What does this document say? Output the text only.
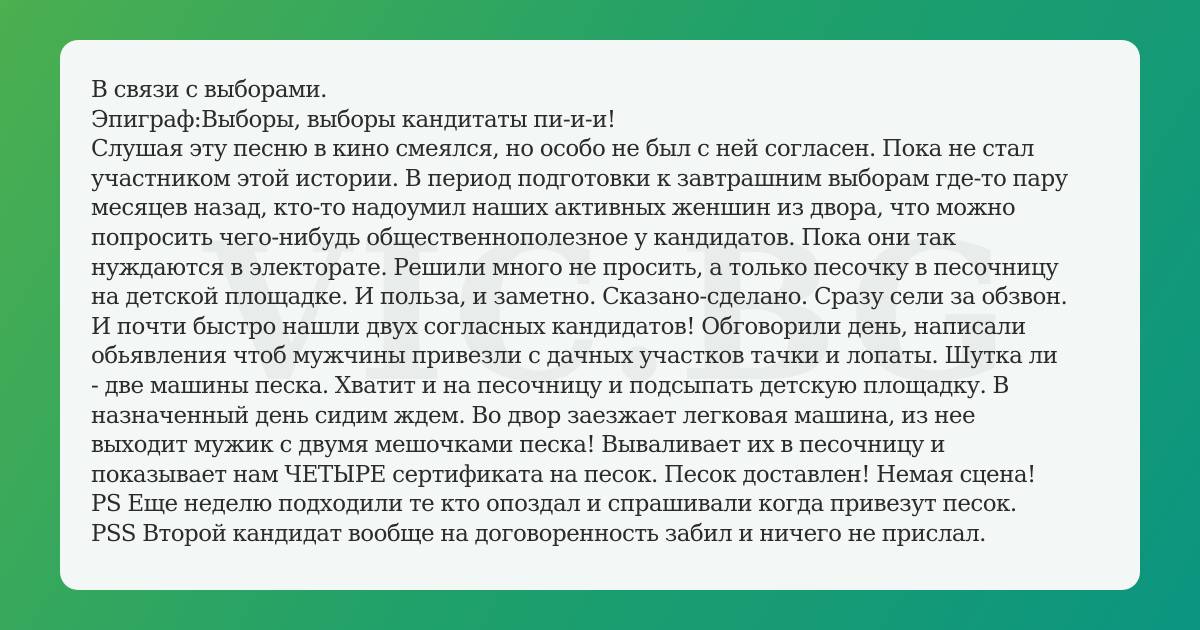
В связи с выборами.
Эпиграф:Выборы, выборы кандитаты пи-и-и!
Слушая эту песню в кино смеялся, но особо не был с ней согласен. Пока не стал
участником этой истории. В период подготовки к завтрашним выборам где-то пару
месяцев назад, кто-то надоумил наших активных женшин из двора, что можно
попросить чего-нибудь общественнополезное у кандидатов. Пока они так
нуждаются в электорате. Решили много не просить, а только песочку в песочницу
на детской площадке. И польза, и заметно. Сказано-сделано. Сразу сели за обзвон.
И почти быстро нашли двух согласных кандидатов! Обговорили день, написали
обьявления чтоб мужчины привезли с дачных участков тачки и лопаты. Шутка ли
- две машины песка. Хватит и на песочницу и подсыпать детскую площадку. В
назначенный день сидим ждем. Во двор заезжает легковая машина, из нее
выходит мужик с двумя мешочками песка! Вываливает их в песочницу и
показывает нам ЧЕТЫРЕ сертификата на песок. Песок доставлен! Немая сцена!
PS Еще неделю подходили те кто опоздал и спрашивали когда привезут песок.
PSS Второй кандидат вообще на договоренность забил и ничего не прислал.
